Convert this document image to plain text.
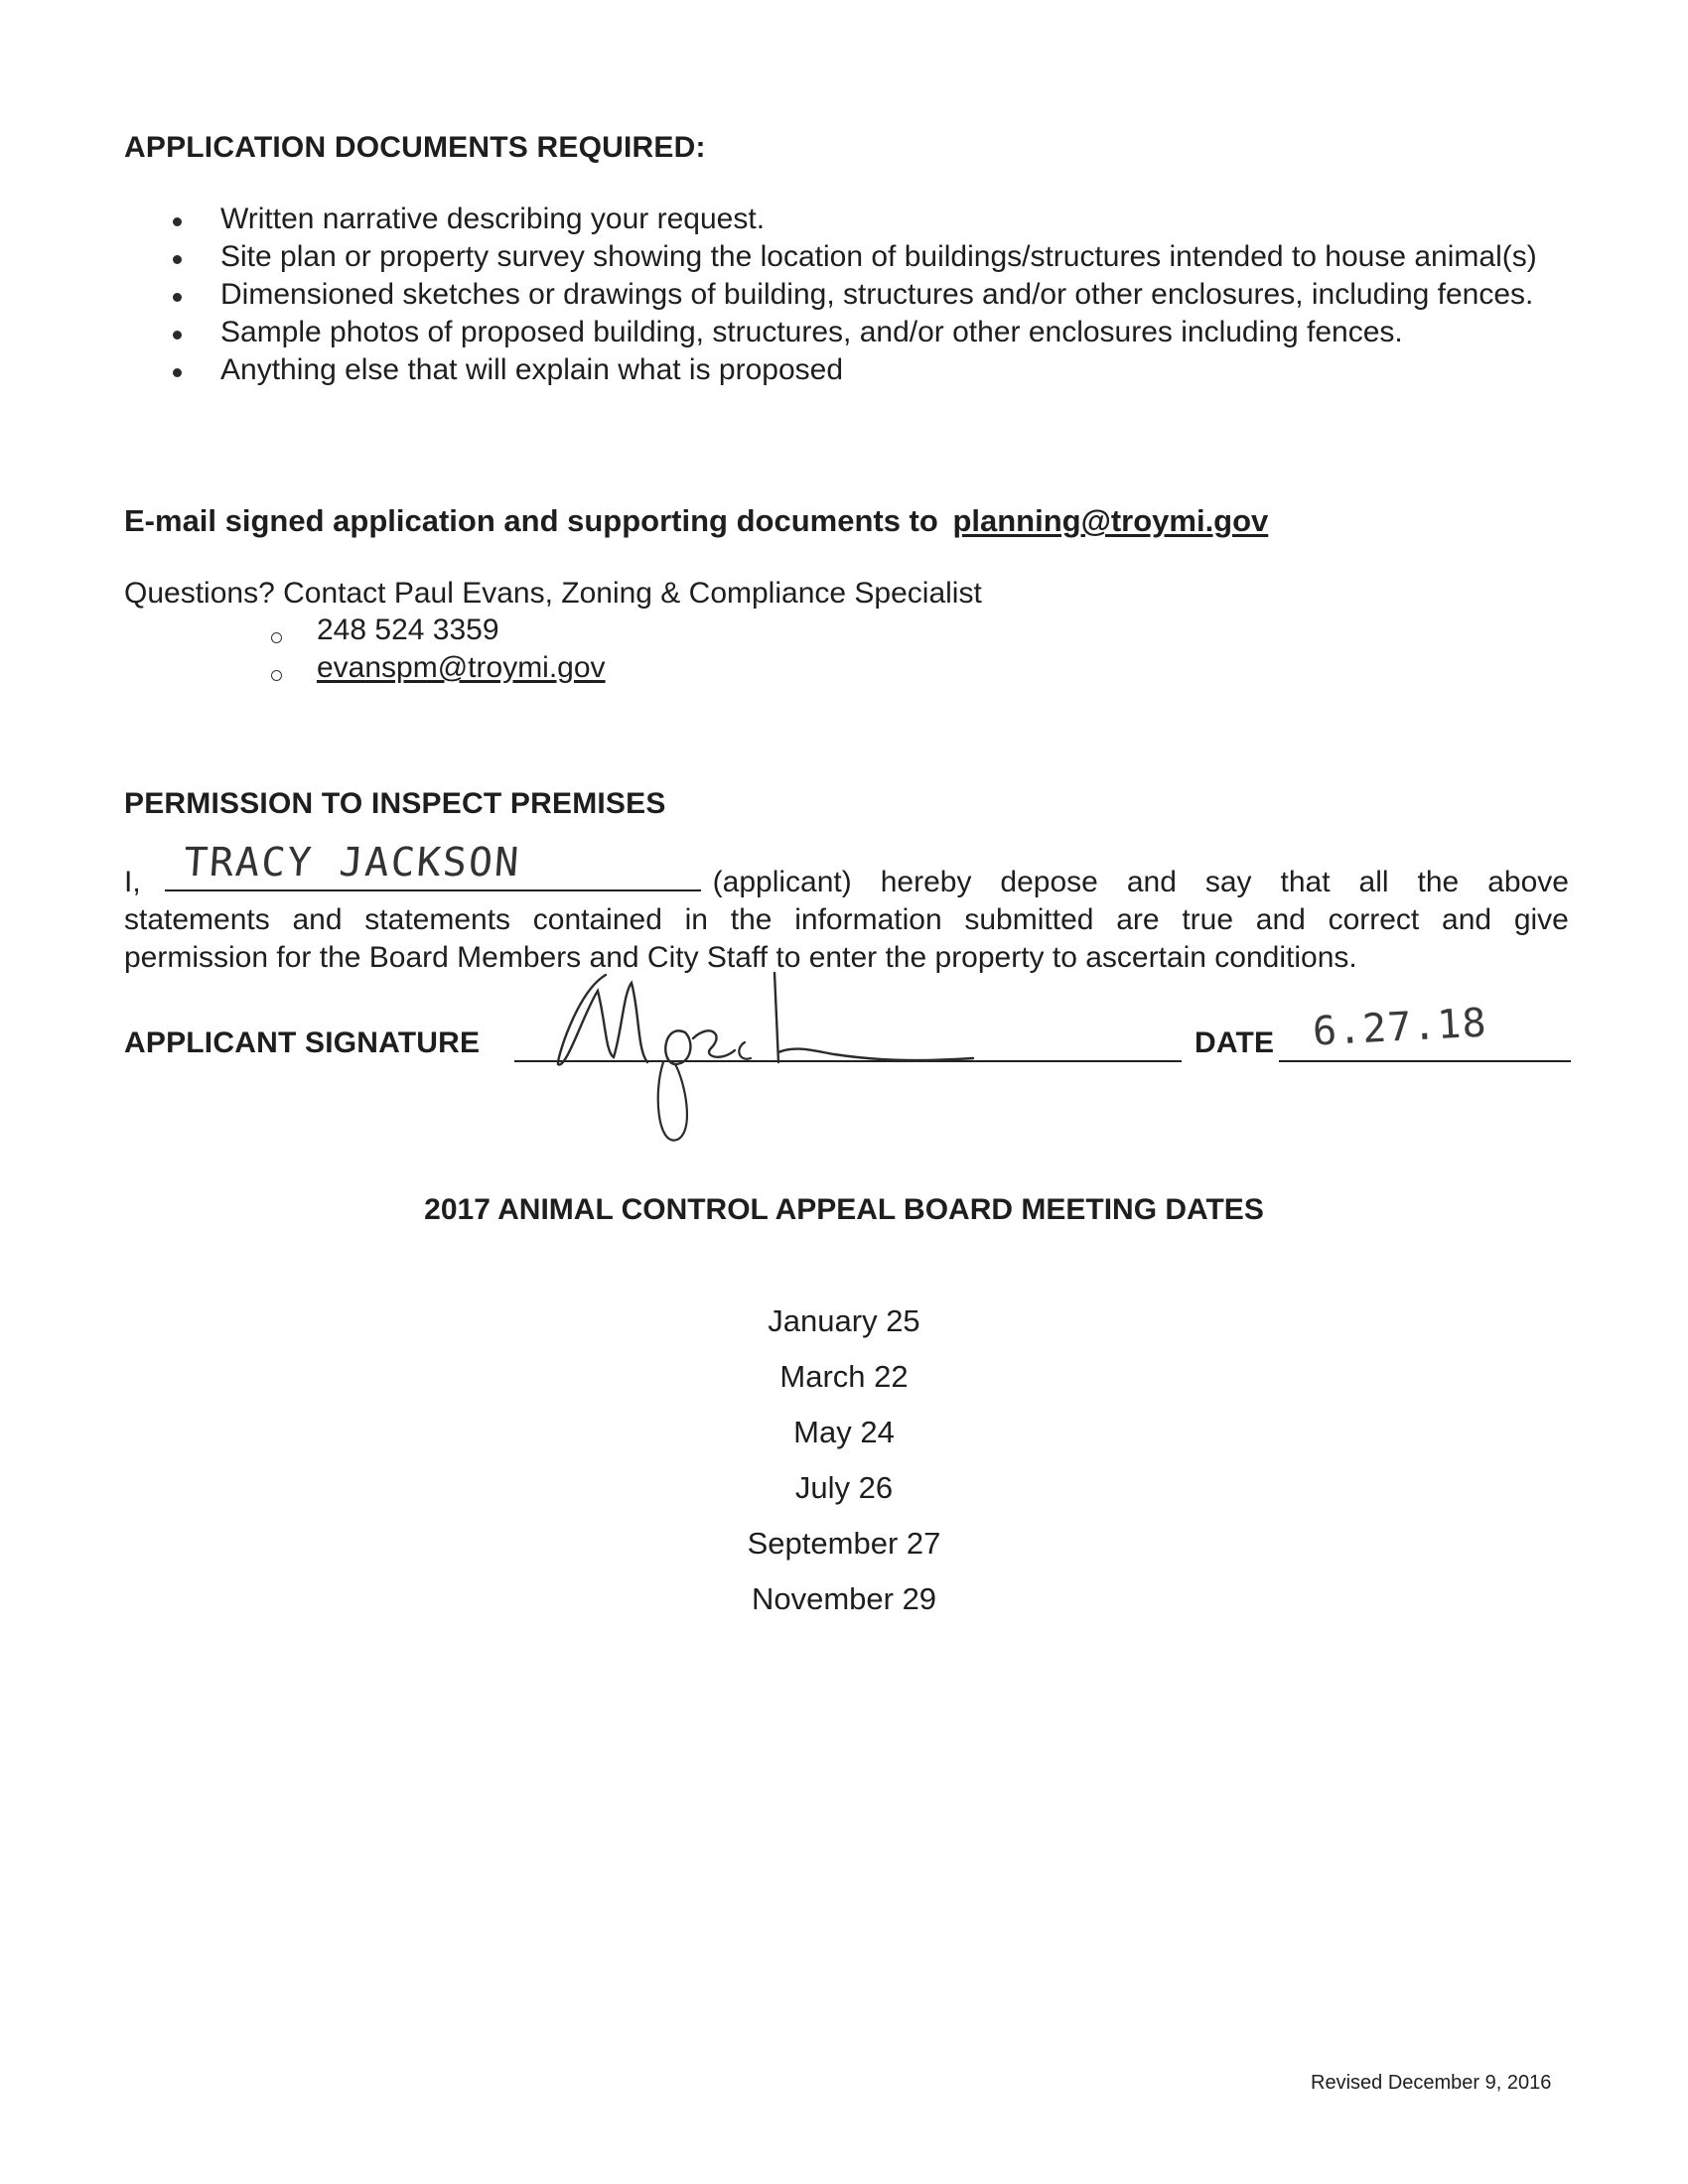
APPLICATION DOCUMENTS REQUIRED:
Written narrative describing your request.
Site plan or property survey showing the location of buildings/structures intended to house animal(s)
Dimensioned sketches or drawings of building, structures and/or other enclosures, including fences.
Sample photos of proposed building, structures, and/or other enclosures including fences.
Anything else that will explain what is proposed
E-mail signed application and supporting documents to planning@troymi.gov
Questions? Contact Paul Evans, Zoning & Compliance Specialist
248 524 3359
evanspm@troymi.gov
PERMISSION TO INSPECT PREMISES
I,	(applicant) hereby depose and say that all the above
statements and statements contained in the information submitted are true and correct and give
permission for the Board Members and City Staff to enter the property to ascertain conditions.
TRACY JACKSON
APPLICANT SIGNATURE	DATE 6.27.18
2017 ANIMAL CONTROL APPEAL BOARD MEETING DATES
January 25
March 22
May 24
July 26
September 27
November 29
Revised December 9, 2016
